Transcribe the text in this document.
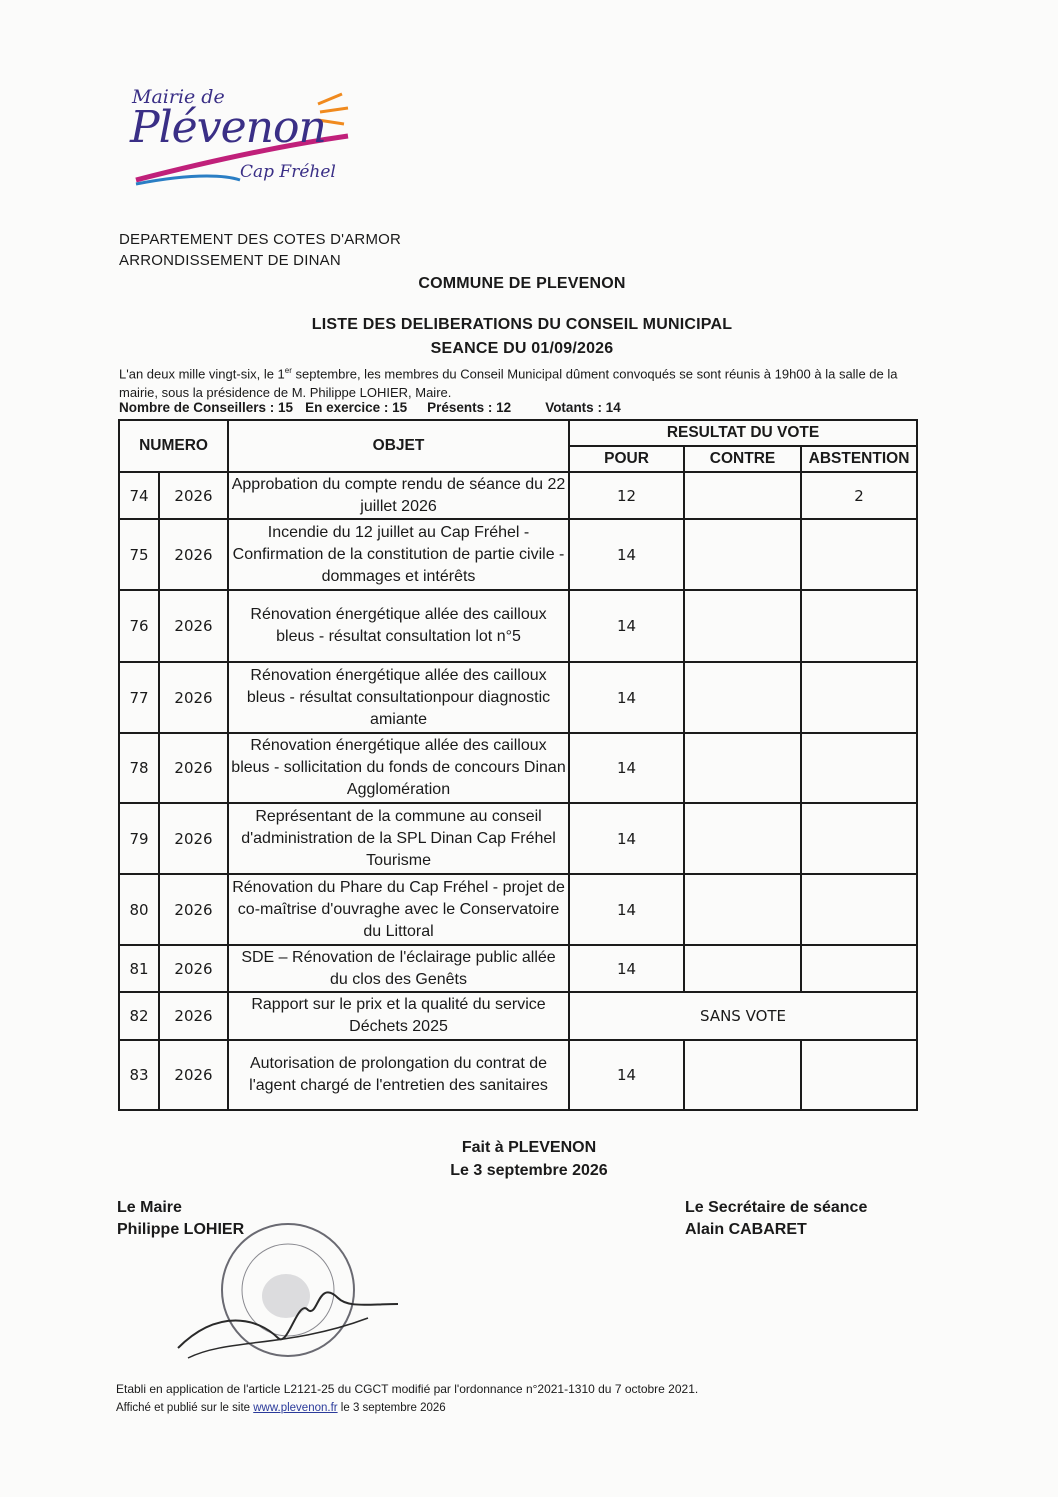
Mairie de
Plévenon
Cap Fréhel
DEPARTEMENT DES COTES D'ARMOR
ARRONDISSEMENT DE DINAN
COMMUNE DE PLEVENON
LISTE DES DELIBERATIONS DU CONSEIL MUNICIPAL
SEANCE DU 01/09/2026
L'an deux mille vingt-six, le 1er septembre, les membres du Conseil Municipal dûment convoqués se sont réunis à 19h00 à la salle de la mairie, sous la présidence de M. Philippe LOHIER, Maire.
Nombre de Conseillers : 15 En exercice : 15 Présents : 12	Votants : 14
NUMERO		OBJET	RESULTAT DU VOTE		
			POUR	CONTRE	ABSTENTION
74	2026	Approbation du compte rendu de séance du 22 juillet 2026	12		2
75	2026	Incendie du 12 juillet au Cap Fréhel - Confirmation de la constitution de partie civile - dommages et intérêts	14		
76	2026	Rénovation énergétique allée des cailloux bleus - résultat consultation lot n°5	14		
77	2026	Rénovation énergétique allée des cailloux bleus - résultat consultationpour diagnostic amiante	14		
78	2026	Rénovation énergétique allée des cailloux bleus - sollicitation du fonds de concours Dinan Agglomération	14		
79	2026	Représentant de la commune au conseil d'administration de la SPL Dinan Cap Fréhel Tourisme	14		
80	2026	Rénovation du Phare du Cap Fréhel - projet de co-maîtrise d'ouvraghe avec le Conservatoire du Littoral	14		
81	2026	SDE – Rénovation de l'éclairage public allée du clos des Genêts	14		
82	2026	Rapport sur le prix et la qualité du service Déchets 2025	SANS VOTE		
83	2026	Autorisation de prolongation du contrat de l'agent chargé de l'entretien des sanitaires	14		
Fait à PLEVENON
Le 3 septembre 2026
Le Maire
Philippe LOHIER
Le Secrétaire de séance
Alain CABARET
Etabli en application de l'article L2121-25 du CGCT modifié par l'ordonnance n°2021-1310 du 7 octobre 2021.
Affiché et publié sur le site www.plevenon.fr le 3 septembre 2026
